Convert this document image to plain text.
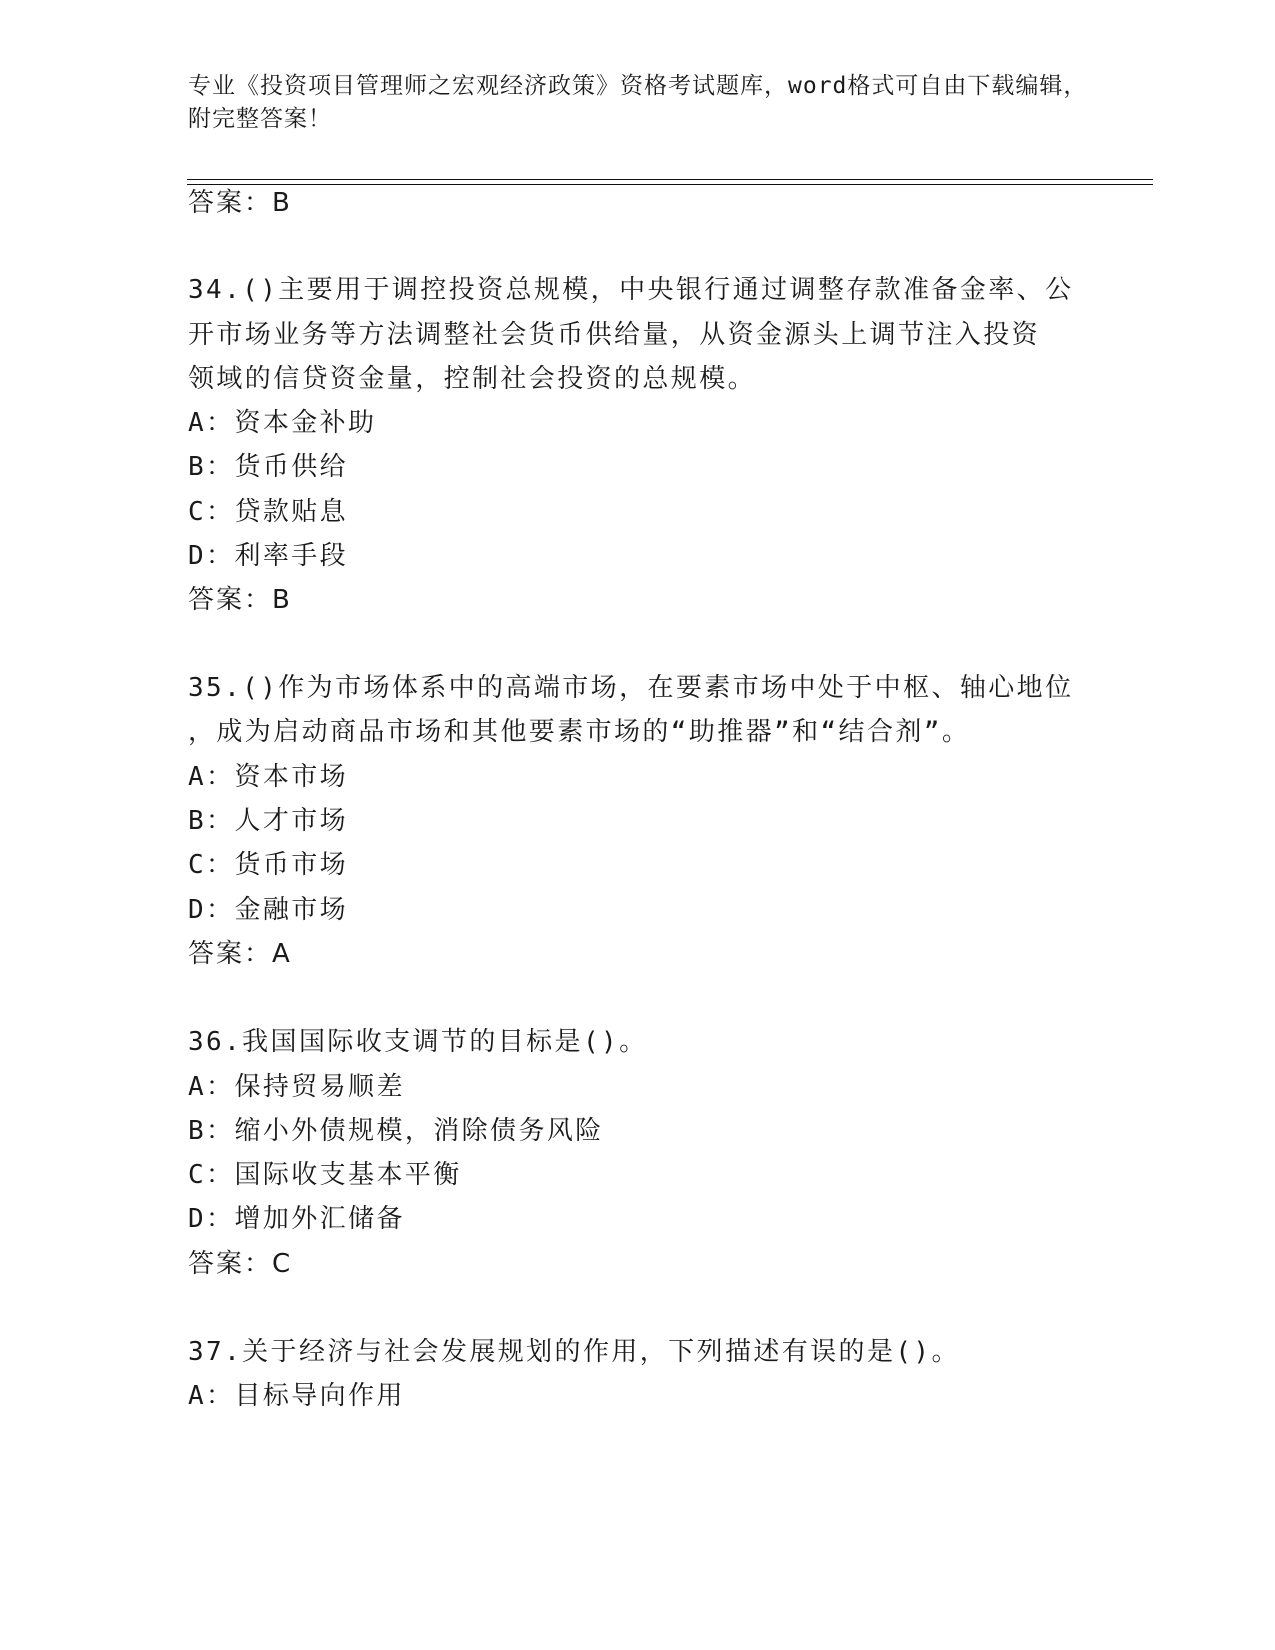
专业《投资项目管理师之宏观经济政策》资格考试题库，word格式可自由下载编辑，附完整答案！
答案：B
34.()主要用于调控投资总规模，中央银行通过调整存款准备金率、公
开市场业务等方法调整社会货币供给量，从资金源头上调节注入投资
领域的信贷资金量，控制社会投资的总规模。
A：资本金补助
B：货币供给
C：贷款贴息
D：利率手段
答案：B
35.()作为市场体系中的高端市场，在要素市场中处于中枢、轴心地位
，成为启动商品市场和其他要素市场的“助推器”和“结合剂”。
A：资本市场
B：人才市场
C：货币市场
D：金融市场
答案：A
36.我国国际收支调节的目标是()。
A：保持贸易顺差
B：缩小外债规模，消除债务风险
C：国际收支基本平衡
D：增加外汇储备
答案：C
37.关于经济与社会发展规划的作用，下列描述有误的是()。
A：目标导向作用
